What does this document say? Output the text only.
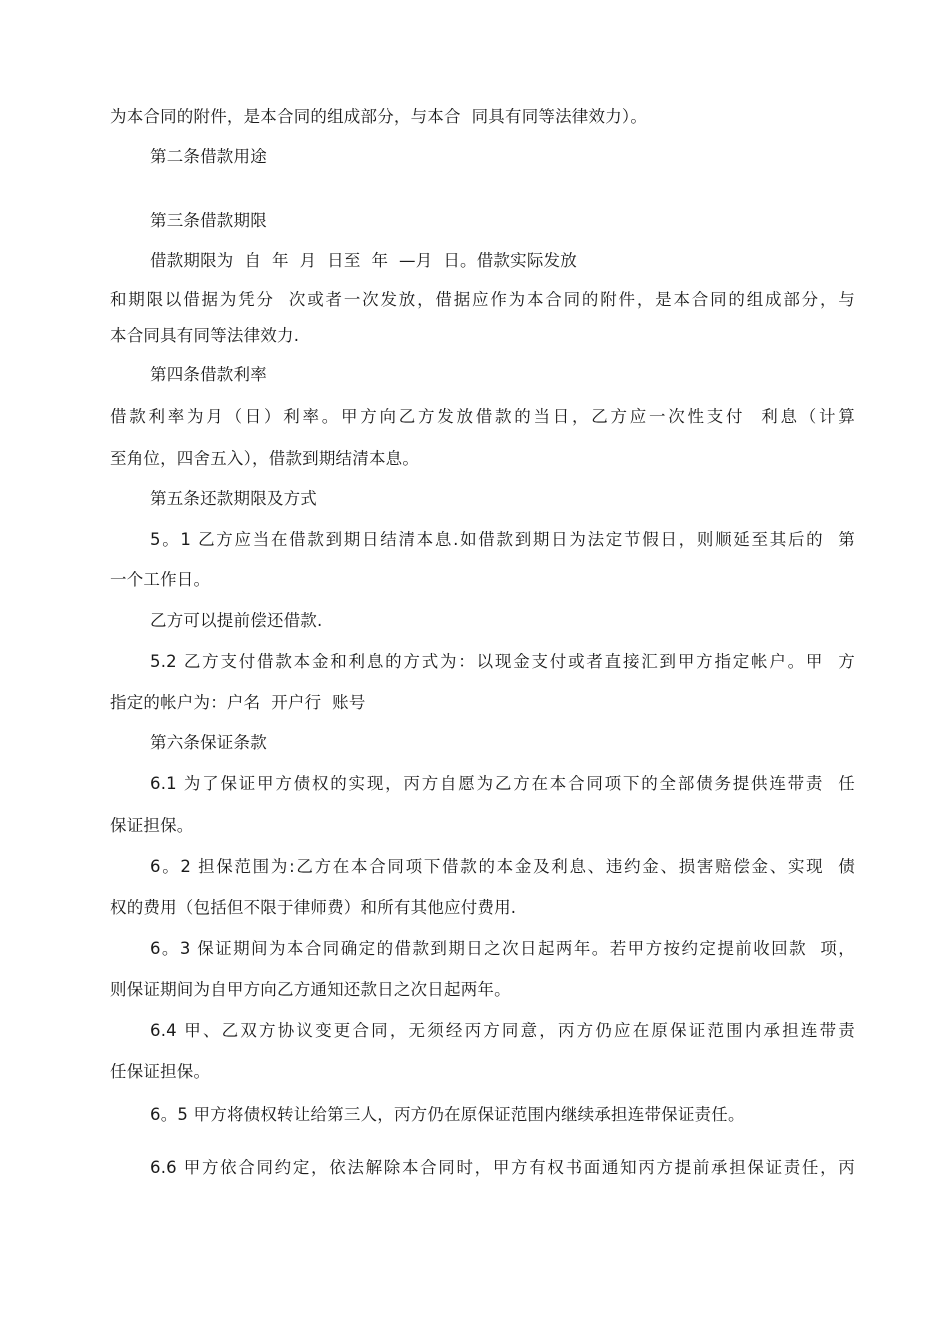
为本合同的附件，是本合同的组成部分，与本合  同具有同等法律效力）。
第二条借款用途
第三条借款期限
借款期限为  自  年  月  日至  年  —月  日。借款实际发放
和期限以借据为凭分  次或者一次发放，借据应作为本合同的附件，是本合同的组成部分，与
本合同具有同等法律效力.
第四条借款利率
借款利率为月（日）利率。甲方向乙方发放借款的当日，乙方应一次性支付  利息（计算
至角位，四舍五入），借款到期结清本息。
第五条还款期限及方式
5。1 乙方应当在借款到期日结清本息.如借款到期日为法定节假日，则顺延至其后的  第
一个工作日。
乙方可以提前偿还借款.
5.2 乙方支付借款本金和利息的方式为：以现金支付或者直接汇到甲方指定帐户。甲  方
指定的帐户为：户名  开户行  账号
第六条保证条款
6.1 为了保证甲方债权的实现，丙方自愿为乙方在本合同项下的全部债务提供连带责  任
保证担保。
6。2 担保范围为:乙方在本合同项下借款的本金及利息、违约金、损害赔偿金、实现  债
权的费用（包括但不限于律师费）和所有其他应付费用.
6。3 保证期间为本合同确定的借款到期日之次日起两年。若甲方按约定提前收回款  项，
则保证期间为自甲方向乙方通知还款日之次日起两年。
6.4 甲、乙双方协议变更合同，无须经丙方同意，丙方仍应在原保证范围内承担连带责
任保证担保。
6。5 甲方将债权转让给第三人，丙方仍在原保证范围内继续承担连带保证责任。
6.6 甲方依合同约定，依法解除本合同时，甲方有权书面通知丙方提前承担保证责任，丙
